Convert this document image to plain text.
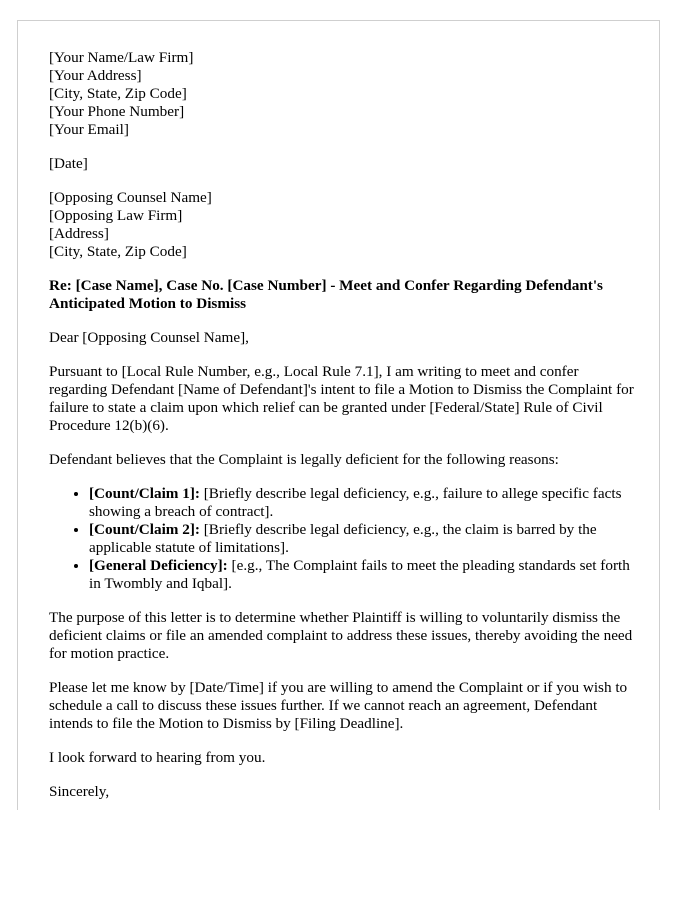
[Your Name/Law Firm]
[Your Address]
[City, State, Zip Code]
[Your Phone Number]
[Your Email]
[Date]
[Opposing Counsel Name]
[Opposing Law Firm]
[Address]
[City, State, Zip Code]
Re: [Case Name], Case No. [Case Number] - Meet and Confer Regarding Defendant's Anticipated Motion to Dismiss

Dear [Opposing Counsel Name],

Pursuant to [Local Rule Number, e.g., Local Rule 7.1], I am writing to meet and confer regarding Defendant [Name of Defendant]'s intent to file a Motion to Dismiss the Complaint for failure to state a claim upon which relief can be granted under [Federal/State] Rule of Civil Procedure 12(b)(6).

Defendant believes that the Complaint is legally deficient for the following reasons:

• [Count/Claim 1]: [Briefly describe legal deficiency, e.g., failure to allege specific facts showing a breach of contract].
• [Count/Claim 2]: [Briefly describe legal deficiency, e.g., the claim is barred by the applicable statute of limitations].
• [General Deficiency]: [e.g., The Complaint fails to meet the pleading standards set forth in Twombly and Iqbal].

The purpose of this letter is to determine whether Plaintiff is willing to voluntarily dismiss the deficient claims or file an amended complaint to address these issues, thereby avoiding the need for motion practice.

Please let me know by [Date/Time] if you are willing to amend the Complaint or if you wish to schedule a call to discuss these issues further. If we cannot reach an agreement, Defendant intends to file the Motion to Dismiss by [Filing Deadline].

I look forward to hearing from you.

Sincerely,
